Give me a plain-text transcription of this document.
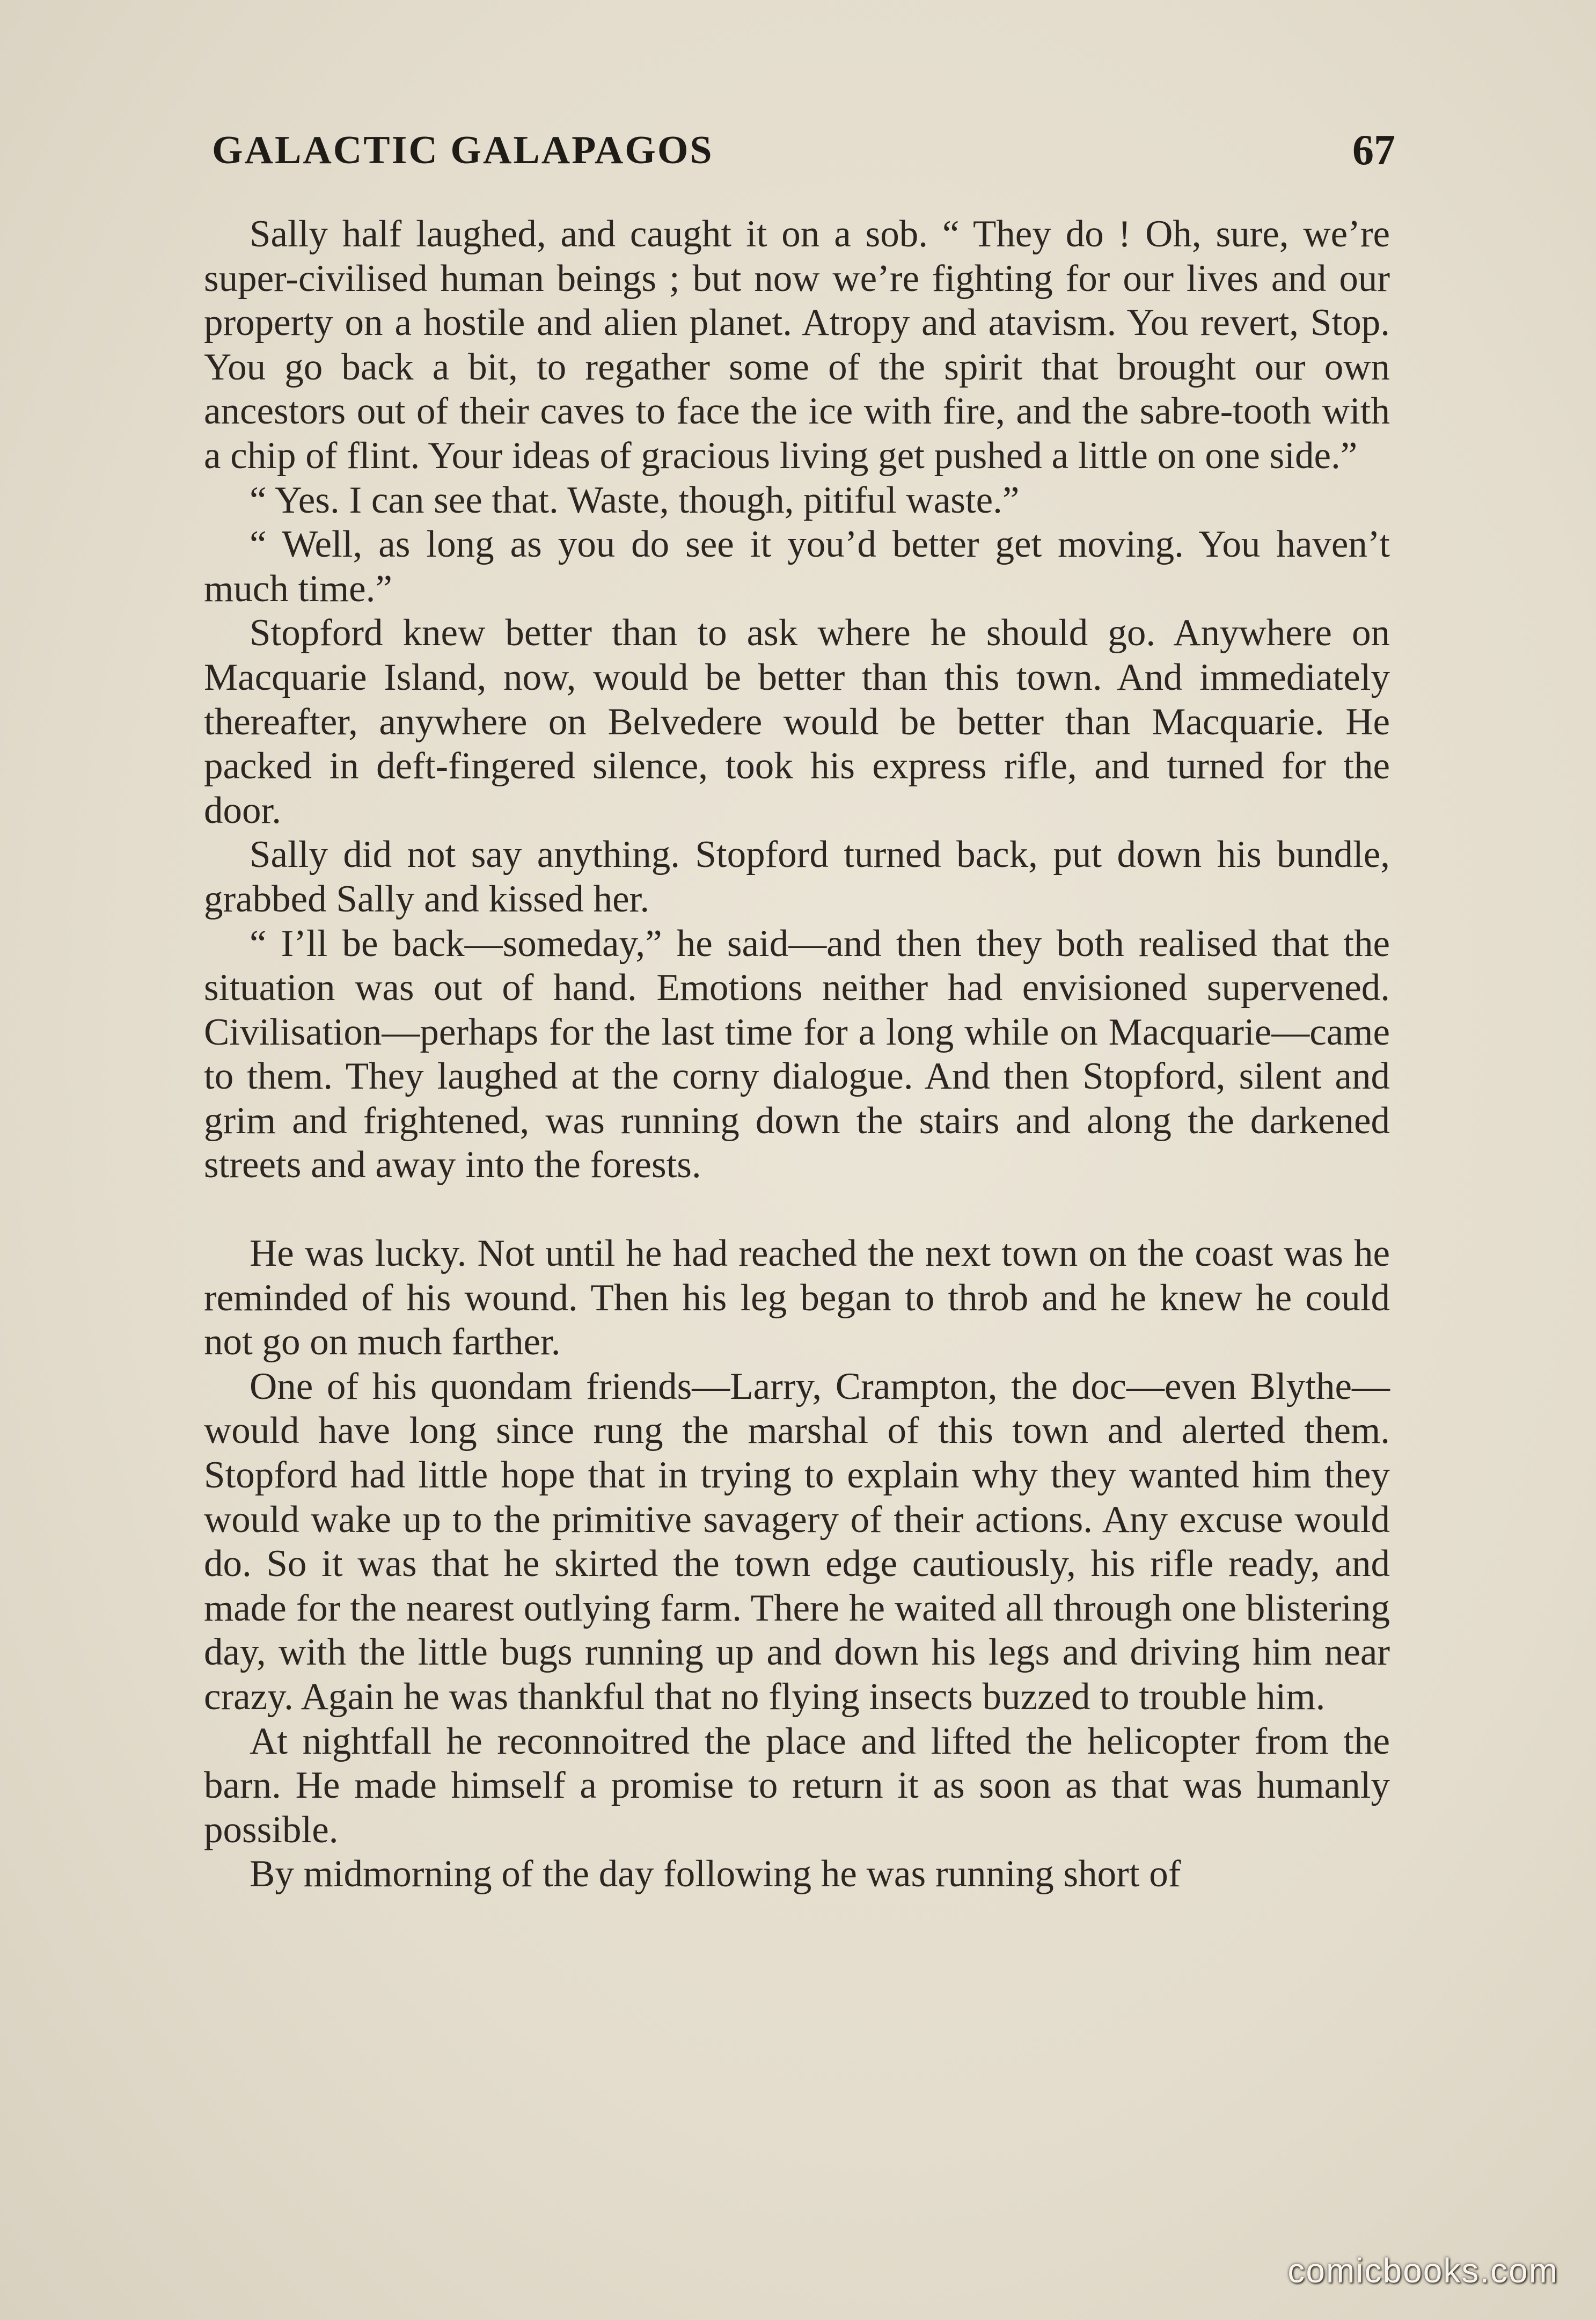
GALACTIC GALAPAGOS	67

Sally half laughed, and caught it on a sob. “ They do ! Oh, sure, we’re super-civilised human beings ; but now we’re fighting for our lives and our property on a hostile and alien planet. Atropy and atavism. You revert, Stop. You go back a bit, to regather some of the spirit that brought our own ancestors out of their caves to face the ice with fire, and the sabre-tooth with a chip of flint. Your ideas of gracious living get pushed a little on one side.”

“ Yes. I can see that. Waste, though, pitiful waste.”

“ Well, as long as you do see it you’d better get moving. You haven’t much time.”

Stopford knew better than to ask where he should go. Anywhere on Macquarie Island, now, would be better than this town. And immediately thereafter, anywhere on Belvedere would be better than Macquarie. He packed in deft-fingered silence, took his express rifle, and turned for the door.

Sally did not say anything. Stopford turned back, put down his bundle, grabbed Sally and kissed her.

“ I’ll be back—someday,” he said—and then they both realised that the situation was out of hand. Emotions neither had envisioned supervened. Civilisation—perhaps for the last time for a long while on Macquarie—came to them. They laughed at the corny dialogue. And then Stopford, silent and grim and frightened, was running down the stairs and along the darkened streets and away into the forests.

He was lucky. Not until he had reached the next town on the coast was he reminded of his wound. Then his leg began to throb and he knew he could not go on much farther.

One of his quondam friends—Larry, Crampton, the doc—even Blythe—would have long since rung the marshal of this town and alerted them. Stopford had little hope that in trying to explain why they wanted him they would wake up to the primitive savagery of their actions. Any excuse would do. So it was that he skirted the town edge cautiously, his rifle ready, and made for the nearest outlying farm. There he waited all through one blistering day, with the little bugs running up and down his legs and driving him near crazy. Again he was thankful that no flying insects buzzed to trouble him.

At nightfall he reconnoitred the place and lifted the helicopter from the barn. He made himself a promise to return it as soon as that was humanly possible.

By midmorning of the day following he was running short of

comicbooks.com
